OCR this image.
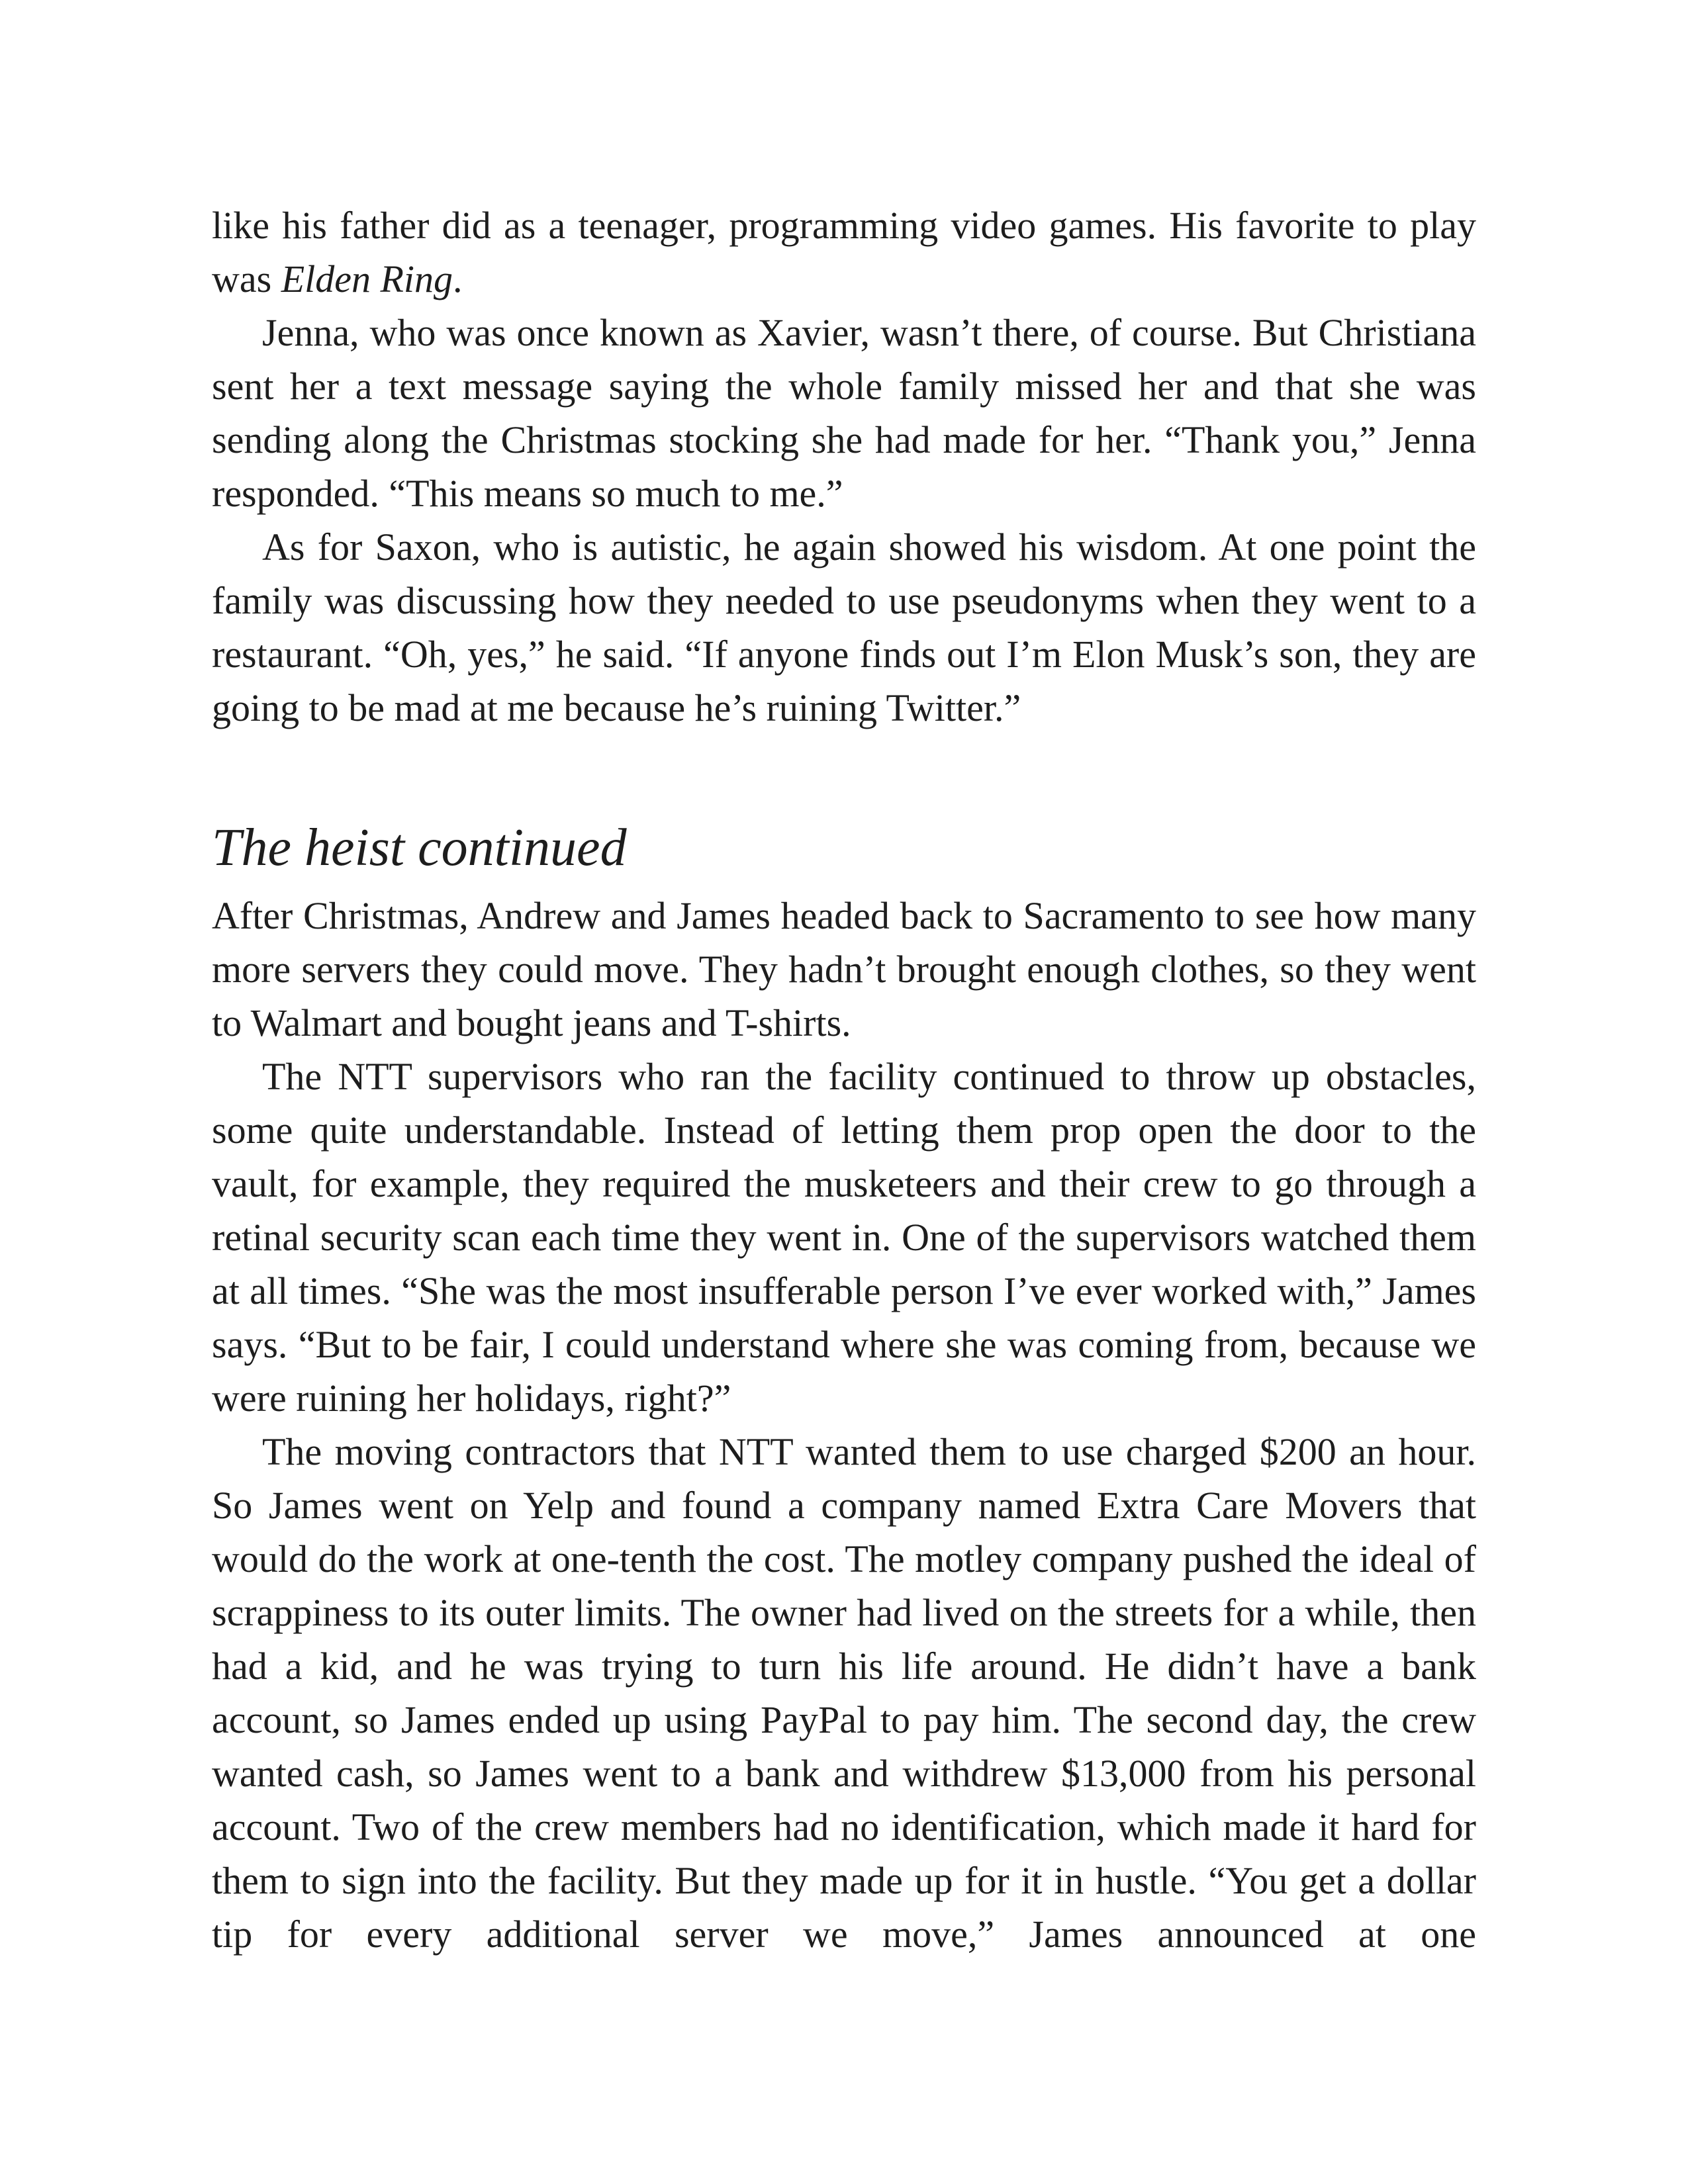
like his father did as a teenager, programming video games. His favorite to play was Elden Ring.

Jenna, who was once known as Xavier, wasn’t there, of course. But Christiana sent her a text message saying the whole family missed her and that she was sending along the Christmas stocking she had made for her. “Thank you,” Jenna responded. “This means so much to me.”

As for Saxon, who is autistic, he again showed his wisdom. At one point the family was discussing how they needed to use pseudonyms when they went to a restaurant. “Oh, yes,” he said. “If anyone finds out I’m Elon Musk’s son, they are going to be mad at me because he’s ruining Twitter.”

The heist continued

After Christmas, Andrew and James headed back to Sacramento to see how many more servers they could move. They hadn’t brought enough clothes, so they went to Walmart and bought jeans and T-shirts.

The NTT supervisors who ran the facility continued to throw up obstacles, some quite understandable. Instead of letting them prop open the door to the vault, for example, they required the musketeers and their crew to go through a retinal security scan each time they went in. One of the supervisors watched them at all times. “She was the most insufferable person I’ve ever worked with,” James says. “But to be fair, I could understand where she was coming from, because we were ruining her holidays, right?”

The moving contractors that NTT wanted them to use charged $200 an hour. So James went on Yelp and found a company named Extra Care Movers that would do the work at one-tenth the cost. The motley company pushed the ideal of scrappiness to its outer limits. The owner had lived on the streets for a while, then had a kid, and he was trying to turn his life around. He didn’t have a bank account, so James ended up using PayPal to pay him. The second day, the crew wanted cash, so James went to a bank and withdrew $13,000 from his personal account. Two of the crew members had no identification, which made it hard for them to sign into the facility. But they made up for it in hustle. “You get a dollar tip for every additional server we move,” James announced at one
